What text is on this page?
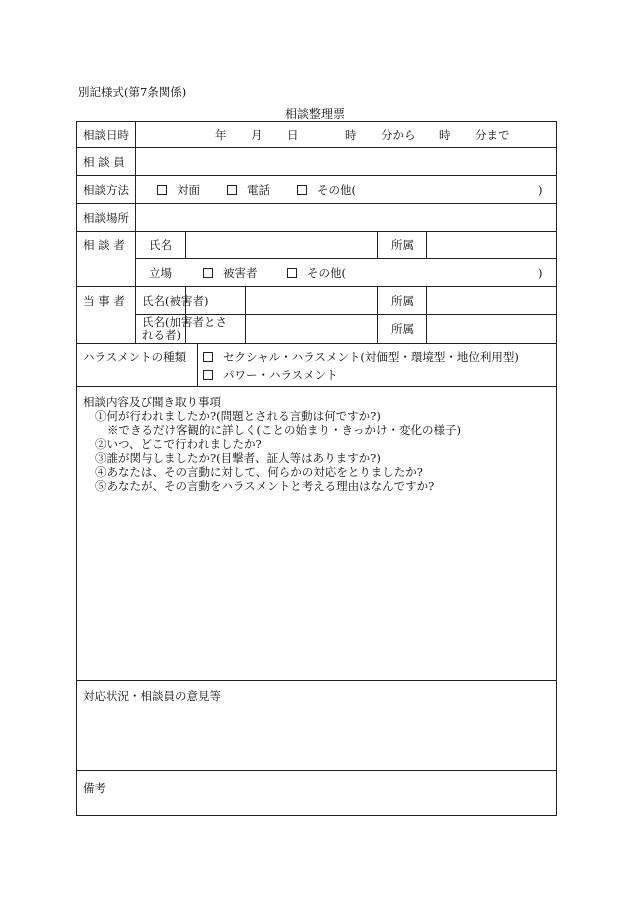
別記様式(第7条関係)
相談整理票
相談日時	年 月 日	時 分から 時 分まで
相 談 員
相談方法	対面	電話	その他(	)
相談場所
相 談 者 氏名	所属
立場	被害者	その他(	)
当 事 者 氏名(被害者)	所属
氏名(加害者とさ
れる者)	所属
ハラスメントの種類	セクシャル・ハラスメント(対価型・環境型・地位利用型)
パワー・ハラスメント
相談内容及び聞き取り事項
①何が行われましたか?(問題とされる言動は何ですか?)
※できるだけ客観的に詳しく(ことの始まり・きっかけ・変化の様子)
②いつ、どこで行われましたか?
③誰が関与しましたか?(目撃者、証人等はありますか?)
④あなたは、その言動に対して、何らかの対応をとりましたか?
⑤あなたが、その言動をハラスメントと考える理由はなんですか?
対応状況・相談員の意見等
備考
